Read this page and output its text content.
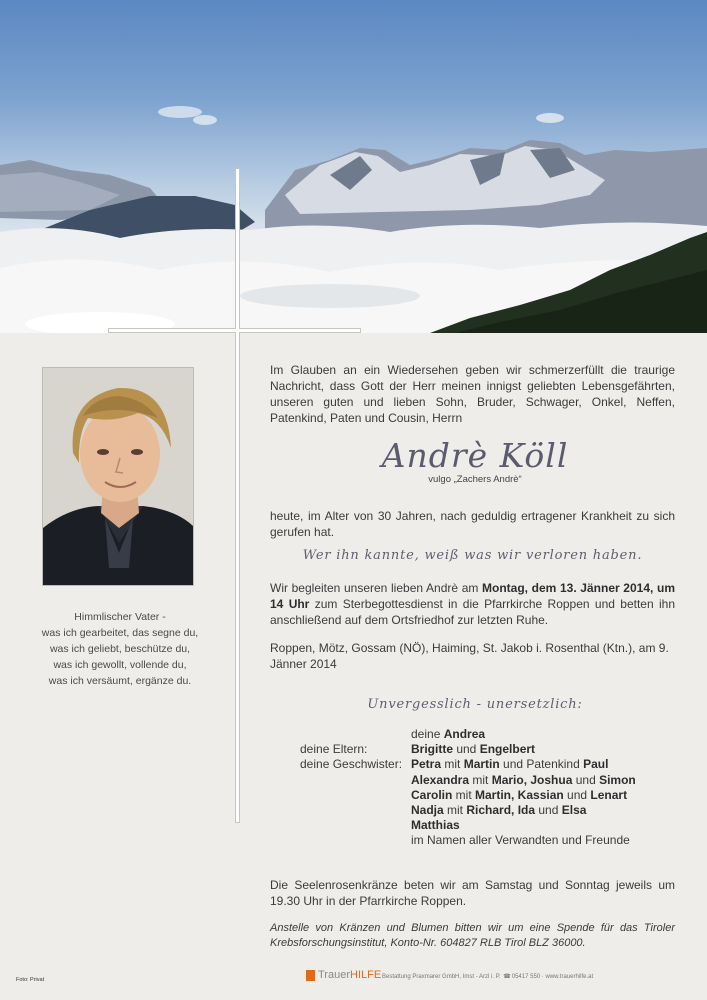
Himmlischer Vater -
was ich gearbeitet, das segne du,
was ich geliebt, beschütze du,
was ich gewollt, vollende du,
was ich versäumt, ergänze du.
Im Glauben an ein Wiedersehen geben wir schmerzerfüllt die traurige Nachricht, dass Gott der Herr meinen innigst geliebten Lebensgefährten, unseren guten und lieben Sohn, Bruder, Schwager, Onkel, Neffen, Patenkind, Paten und Cousin, Herrn
Andrè Köll
vulgo „Zachers Andrè“
heute, im Alter von 30 Jahren, nach geduldig ertragener Krankheit zu sich gerufen hat.
Wer ihn kannte, weiß was wir verloren haben.
Wir begleiten unseren lieben Andrè am Montag, dem 13. Jänner 2014, um 14 Uhr zum Sterbegottesdienst in die Pfarrkirche Roppen und betten ihn anschließend auf dem Ortsfriedhof zur letzten Ruhe.
Roppen, Mötz, Gossam (NÖ), Haiming, St. Jakob i. Rosenthal (Ktn.), am 9. Jänner 2014
Unvergesslich - unersetzlich:
deine Andrea
deine Eltern:	Brigitte und Engelbert
deine Geschwister: Petra mit Martin und Patenkind Paul
Alexandra mit Mario, Joshua und Simon
Carolin mit Martin, Kassian und Lenart
Nadja mit Richard, Ida und Elsa
Matthias
im Namen aller Verwandten und Freunde
Die Seelenrosenkränze beten wir am Samstag und Sonntag jeweils um 19.30 Uhr in der Pfarrkirche Roppen.
Anstelle von Kränzen und Blumen bitten wir um eine Spende für das Tiroler Krebsforschungsinstitut, Konto-Nr. 604827 RLB Tirol BLZ 36000.
Foto: Privat	TrauerHILFE Bestattung Praxmarer GmbH, Imst - Arzl i. P. ☎05417 550 · www.trauerhilfe.at
